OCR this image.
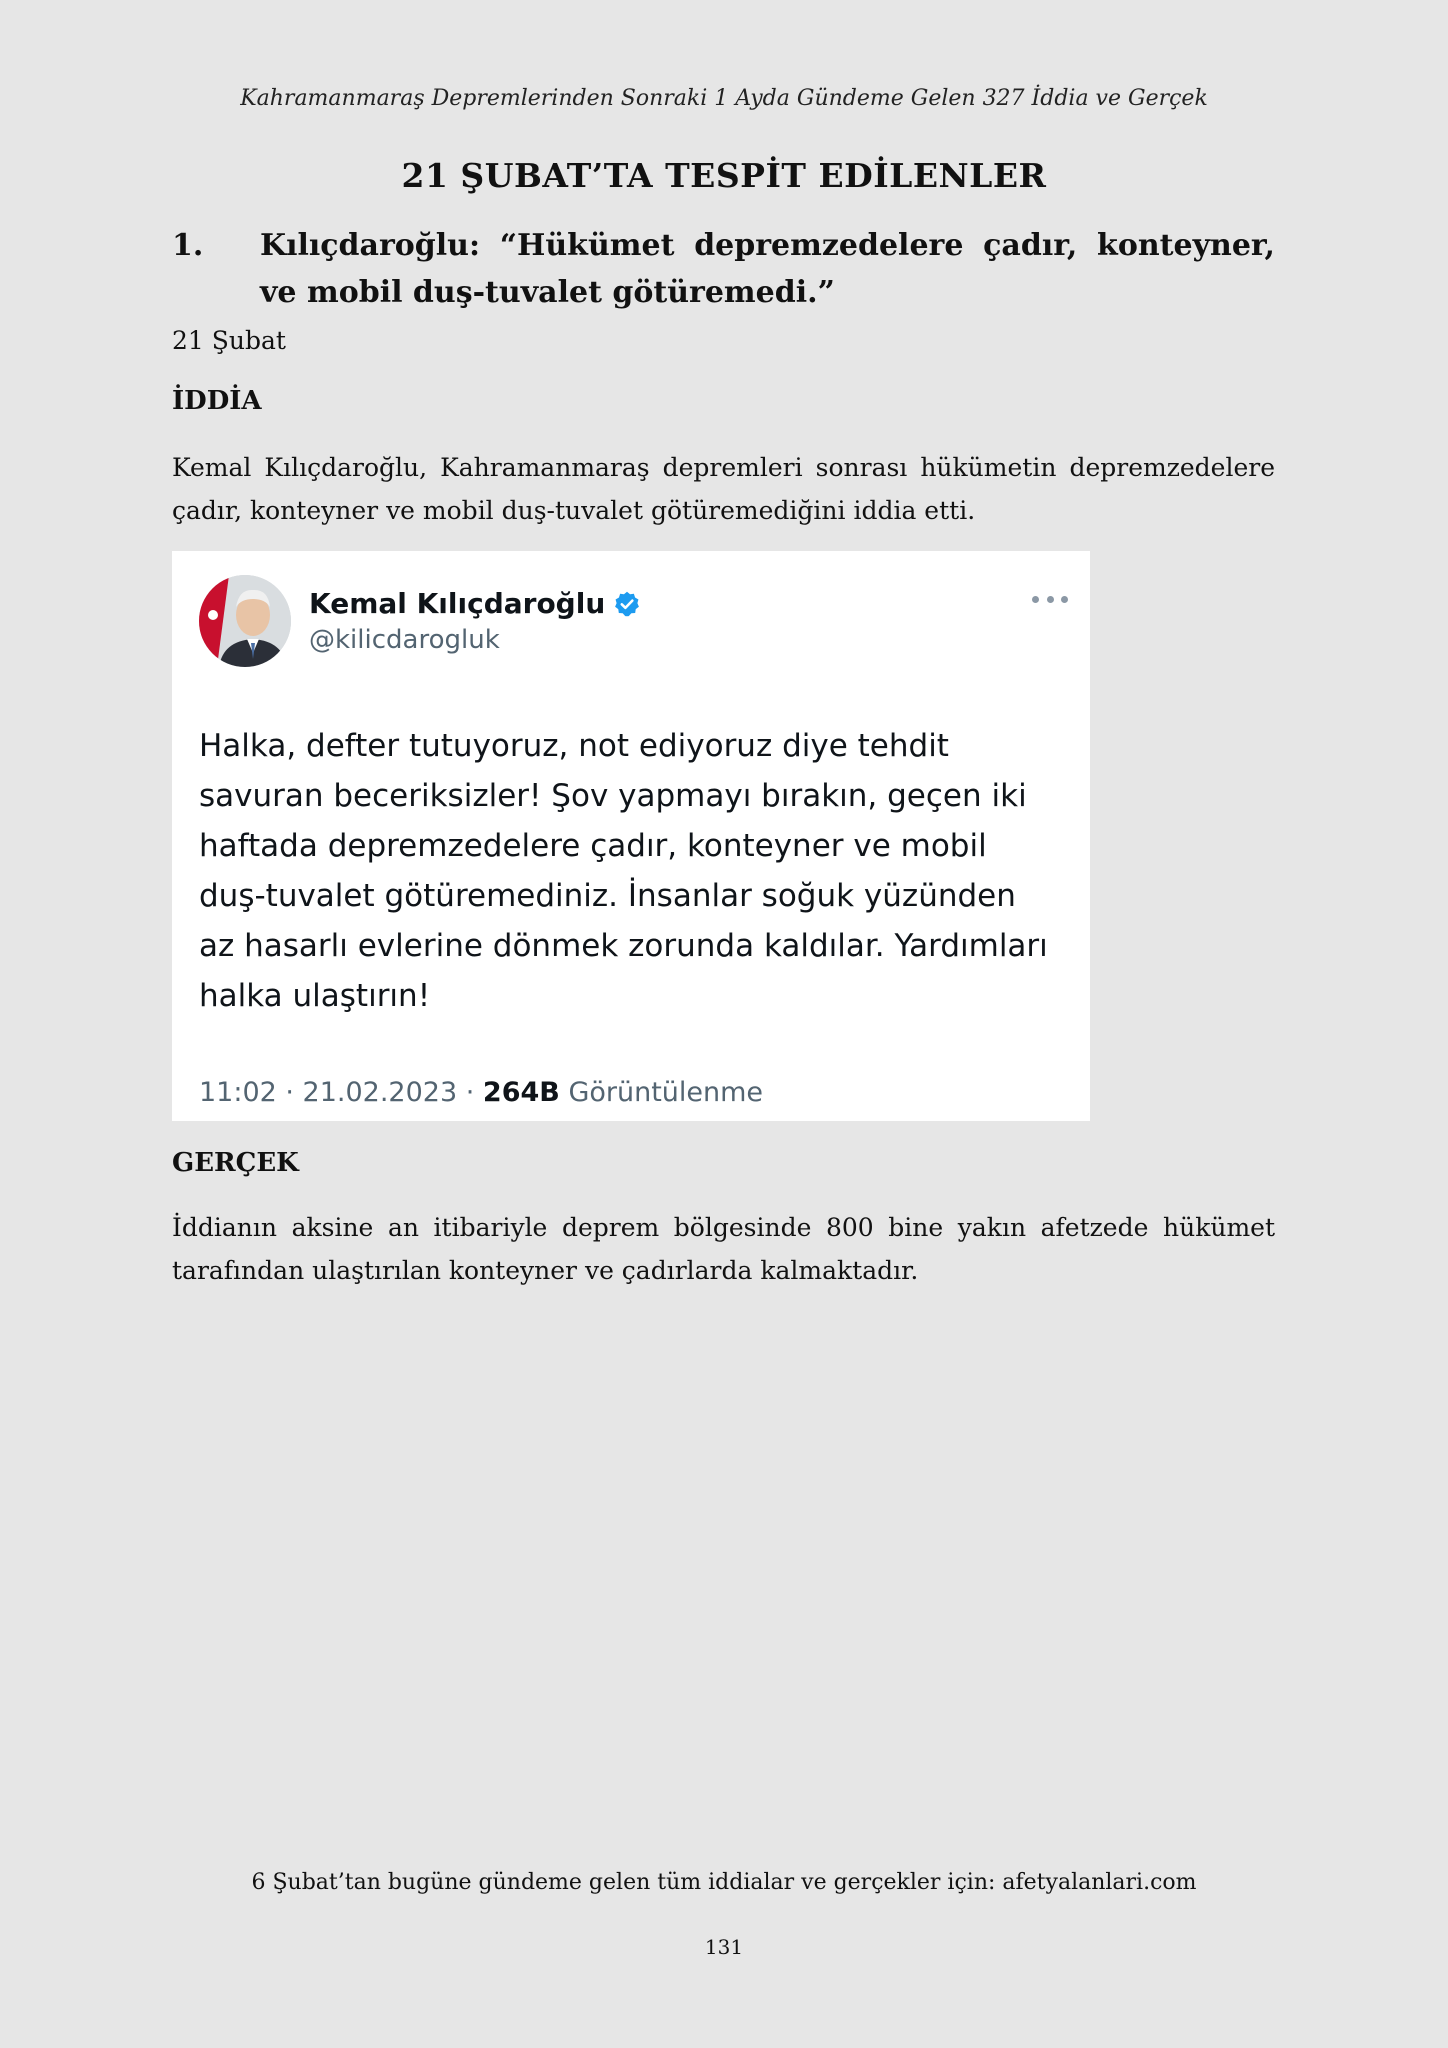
Kahramanmaraş Depremlerinden Sonraki 1 Ayda Gündeme Gelen 327 İddia ve Gerçek
21 ŞUBAT’TA TESPİT EDİLENLER
1.	Kılıçdaroğlu: “Hükümet depremzedelere çadır, konteyner, ve mobil duş-tuvalet götüremedi.”
21 Şubat
İDDİA
Kemal Kılıçdaroğlu, Kahramanmaraş depremleri sonrası hükümetin depremzedelere çadır, konteyner ve mobil duş-tuvalet götüremediğini iddia etti.
Kemal Kılıçdaroğlu
@kilicdarogluk
Halka, defter tutuyoruz, not ediyoruz diye tehdit
savuran beceriksizler! Şov yapmayı bırakın, geçen iki
haftada depremzedelere çadır, konteyner ve mobil
duş-tuvalet götüremediniz. İnsanlar soğuk yüzünden
az hasarlı evlerine dönmek zorunda kaldılar. Yardımları
halka ulaştırın!
11:02 · 21.02.2023 · 264B Görüntülenme
GERÇEK
İddianın aksine an itibariyle deprem bölgesinde 800 bine yakın afetzede hükümet tarafından ulaştırılan konteyner ve çadırlarda kalmaktadır.
6 Şubat’tan bugüne gündeme gelen tüm iddialar ve gerçekler için: afetyalanlari.com
131
